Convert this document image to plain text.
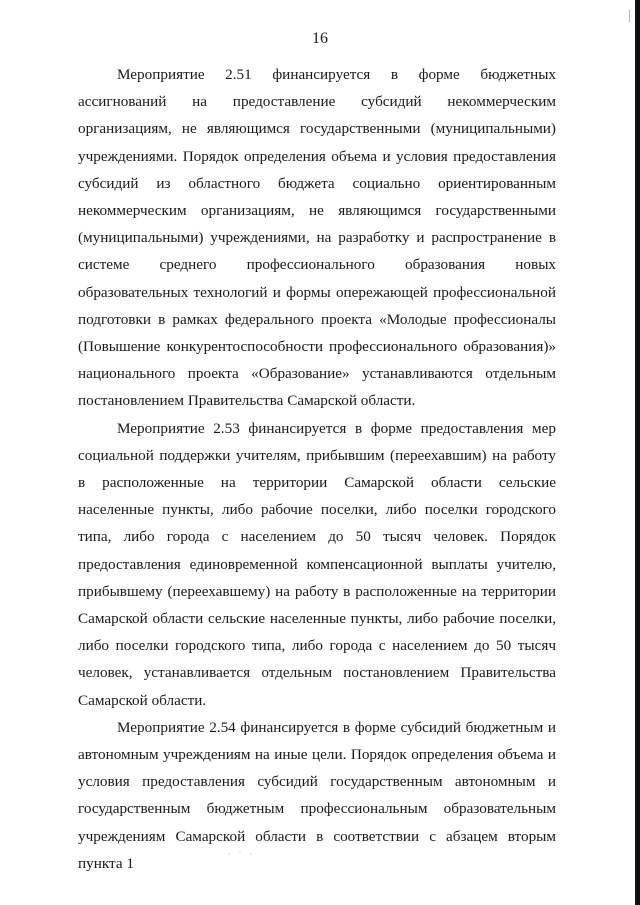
16

Мероприятие 2.51 финансируется в форме бюджетных ассигнований на предоставление субсидий некоммерческим организациям, не являющимся государственными (муниципальными) учреждениями. Порядок определения объема и условия предоставления субсидий из областного бюджета социально ориентированным некоммерческим организациям, не являющимся государственными (муниципальными) учреждениями, на разработку и распространение в системе среднего профессионального образования новых образовательных технологий и формы опережающей профессиональной подготовки в рамках федерального проекта «Молодые профессионалы (Повышение конкурентоспособности профессионального образования)» национального проекта «Образование» устанавливаются отдельным постановлением Правительства Самарской области.

Мероприятие 2.53 финансируется в форме предоставления мер социальной поддержки учителям, прибывшим (переехавшим) на работу в расположенные на территории Самарской области сельские населенные пункты, либо рабочие поселки, либо поселки городского типа, либо города с населением до 50 тысяч человек. Порядок предоставления единовременной компенсационной выплаты учителю, прибывшему (переехавшему) на работу в расположенные на территории Самарской области сельские населенные пункты, либо рабочие поселки, либо поселки городского типа, либо города с населением до 50 тысяч человек, устанавливается отдельным постановлением Правительства Самарской области.

Мероприятие 2.54 финансируется в форме субсидий бюджетным и автономным учреждениям на иные цели. Порядок определения объема и условия предоставления субсидий государственным автономным и государственным бюджетным профессиональным образовательным учреждениям Самарской области в соответствии с абзацем вторым пункта 1

· ˙ ·
